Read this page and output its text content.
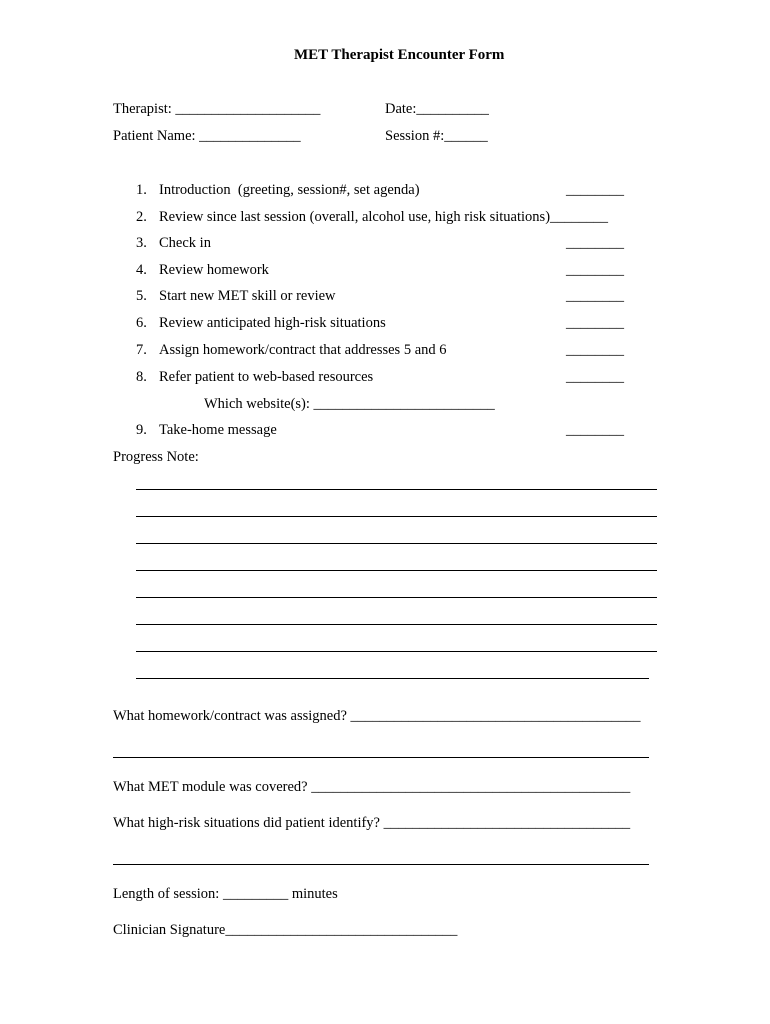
MET Therapist Encounter Form
Therapist: ____________________	Date:__________
Patient Name: ______________	Session #:______
1. Introduction  (greeting, session#, set agenda)	________
2. Review since last session (overall, alcohol use, high risk situations)________
3. Check in	________
4. Review homework	________
5. Start new MET skill or review	________
6. Review anticipated high-risk situations	________
7. Assign homework/contract that addresses 5 and 6	________
8. Refer patient to web-based resources	________
Which website(s): _________________________
9. Take-home message	________
Progress Note:
What homework/contract was assigned? ________________________________________
What MET module was covered? ____________________________________________
What high-risk situations did patient identify? __________________________________
Length of session: _________ minutes
Clinician Signature________________________________
